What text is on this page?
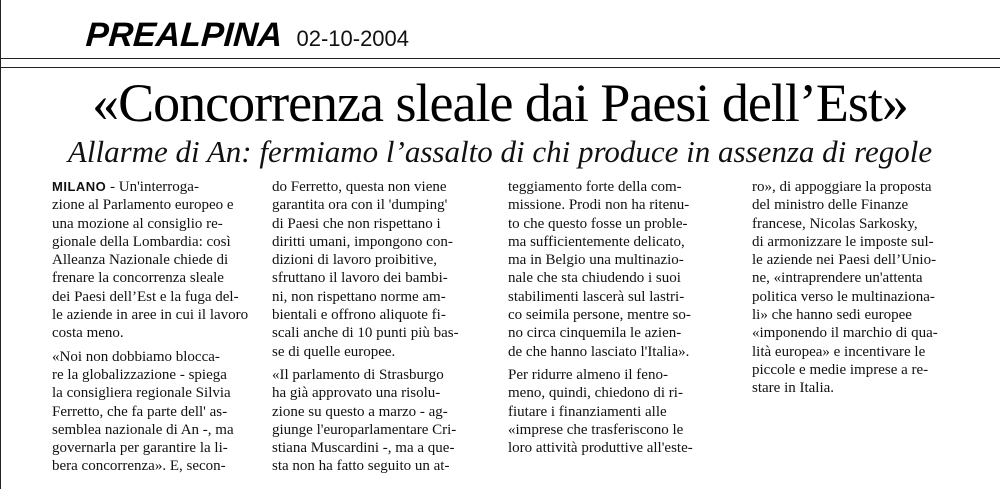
PREALPINA 02-10-2004
«Concorrenza sleale dai Paesi dell’Est»
Allarme di An: fermiamo l’assalto di chi produce in assenza di regole
MILANO - Un'interroga-
zione al Parlamento europeo e
una mozione al consiglio re-
gionale della Lombardia: così
Alleanza Nazionale chiede di
frenare la concorrenza sleale
dei Paesi dell’Est e la fuga del-
le aziende in aree in cui il lavoro
costa meno.
«Noi non dobbiamo blocca-
re la globalizzazione - spiega
la consigliera regionale Silvia
Ferretto, che fa parte dell' as-
semblea nazionale di An -, ma
governarla per garantire la li-
bera concorrenza». E, secon-
do Ferretto, questa non viene
garantita ora con il 'dumping'
di Paesi che non rispettano i
diritti umani, impongono con-
dizioni di lavoro proibitive,
sfruttano il lavoro dei bambi-
ni, non rispettano norme am-
bientali e offrono aliquote fi-
scali anche di 10 punti più bas-
se di quelle europee.
«Il parlamento di Strasburgo
ha già approvato una risolu-
zione su questo a marzo - ag-
giunge l'europarlamentare Cri-
stiana Muscardini -, ma a que-
sta non ha fatto seguito un at-
teggiamento forte della com-
missione. Prodi non ha ritenu-
to che questo fosse un proble-
ma sufficientemente delicato,
ma in Belgio una multinazio-
nale che sta chiudendo i suoi
stabilimenti lascerà sul lastri-
co seimila persone, mentre so-
no circa cinquemila le azien-
de che hanno lasciato l'Italia».
Per ridurre almeno il feno-
meno, quindi, chiedono di ri-
fiutare i finanziamenti alle
«imprese che trasferiscono le
loro attività produttive all'este-
ro», di appoggiare la proposta
del ministro delle Finanze
francese, Nicolas Sarkosky,
di armonizzare le imposte sul-
le aziende nei Paesi dell’Unio-
ne, «intraprendere un'attenta
politica verso le multinaziona-
li» che hanno sedi europee
«imponendo il marchio di qua-
lità europea» e incentivare le
piccole e medie imprese a re-
stare in Italia.
